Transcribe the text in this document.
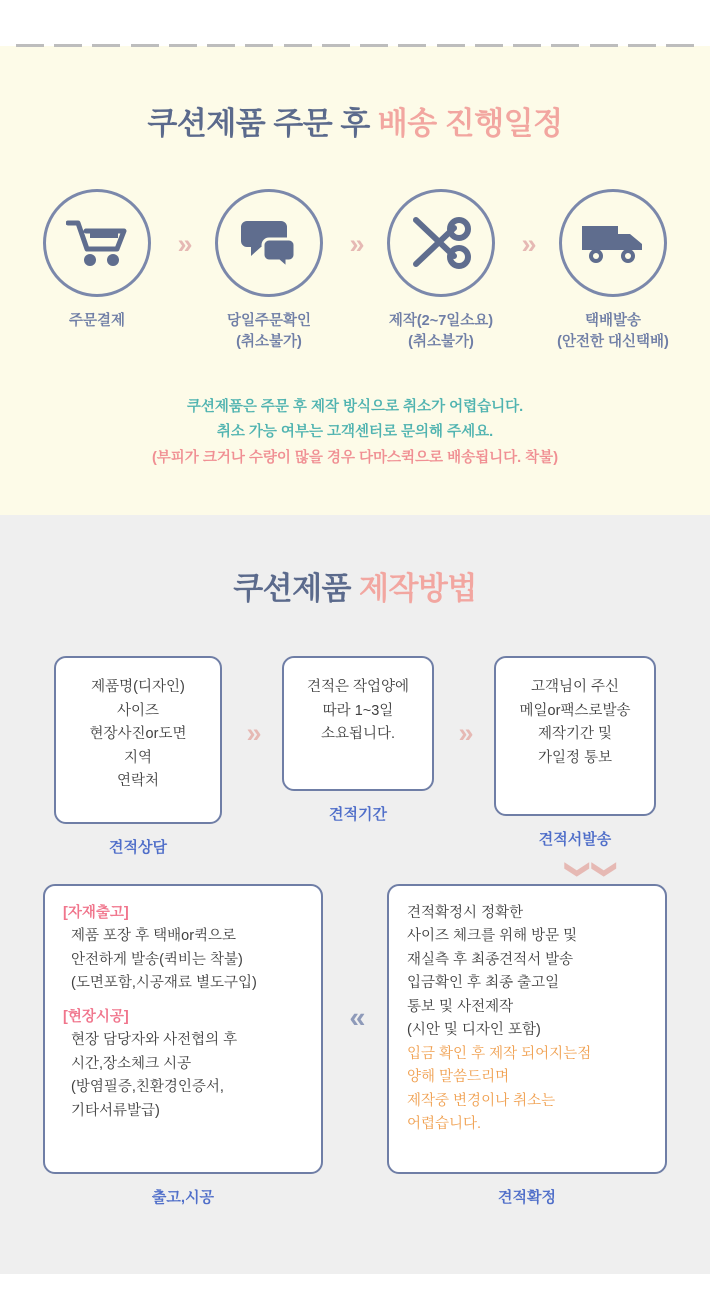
쿠션제품 주문 후 배송 진행일정
주문결제
»
당일주문확인
(취소불가)
»
제작(2~7일소요)
(취소불가)
»
택배발송
(안전한 대신택배)
쿠션제품은 주문 후 제작 방식으로 취소가 어렵습니다.
취소 가능 여부는 고객센터로 문의해 주세요.
(부피가 크거나 수량이 많을 경우 다마스퀵으로 배송됩니다. 착불)
쿠션제품 제작방법
제품명(디자인)
사이즈
현장사진or도면
지역
연락처
견적상담
»
견적은 작업양에
따라 1~3일
소요됩니다.
견적기간
»
고객님이 주신
메일or팩스로발송
제작기간 및
가일정 통보
견적서발송
❯ ❯
[자재출고]
제품 포장 후 택배or퀵으로
안전하게 발송(퀵비는 착불)
(도면포함,시공재료 별도구입)
[현장시공]
현장 담당자와 사전협의 후
시간,장소체크 시공
(방염필증,친환경인증서,
기타서류발급)
출고,시공
«
견적확정시 정확한
사이즈 체크를 위해 방문 및
재실측 후 최종견적서 발송
입금확인 후 최종 출고일
통보 및 사전제작
(시안 및 디자인 포함)
입금 확인 후 제작 되어지는점
양해 말씀드리며
제작중 변경이나 취소는
어렵습니다.
견적확정
